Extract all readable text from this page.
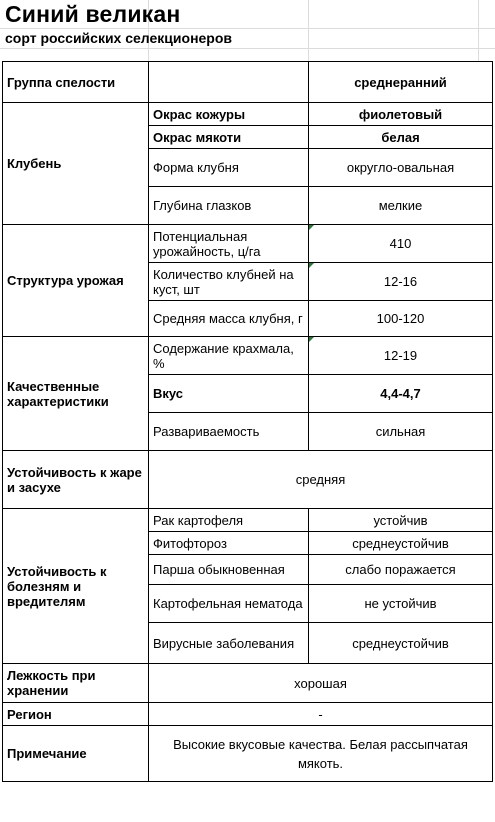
Синий великан
сорт российских селекционеров
Группа спелости		среднеранний
Клубень	Окрас кожуры	фиолетовый
	Окрас мякоти	белая
	Форма клубня	округло-овальная
	Глубина глазков	мелкие
Структура урожая	Потенциальная урожайность, ц/га	410
	Количество клубней на куст, шт	12-16
	Средняя масса клубня, г	100-120
Качественные характеристики	Содержание крахмала, %	12-19
	Вкус	4,4-4,7
	Развариваемость	сильная
Устойчивость к жаре и засухе	средняя	
Устойчивость к болезням и вредителям	Рак картофеля	устойчив
	Фитофтороз	среднеустойчив
	Парша обыкновенная	слабо поражается
	Картофельная нематода	не устойчив
	Вирусные заболевания	среднеустойчив
Лежкость при хранении	хорошая	
Регион	-	
Примечание	Высокие вкусовые качества. Белая рассыпчатая мякоть.	
